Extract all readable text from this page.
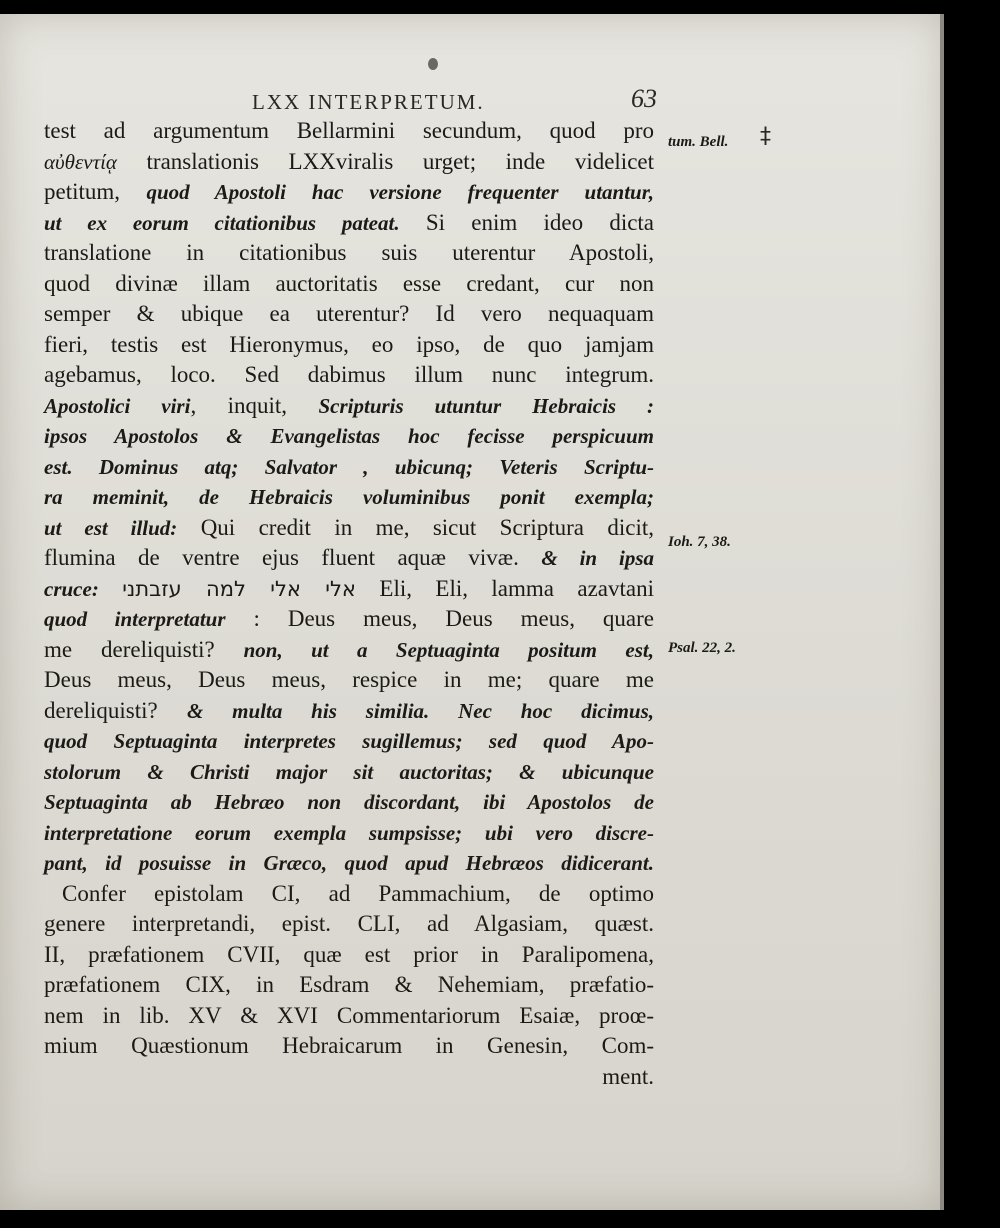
LXX INTERPRETUM.	63
tum. Bell. ‡
Ioh. 7, 38.
Psal. 22, 2.
test ad argumentum Bellarmini secundum, quod pro
αὐθεντίᾳ translationis LXXviralis urget; inde videlicet
petitum, quod Apostoli hac versione frequenter utantur,
ut ex eorum citationibus pateat. Si enim ideo dicta
translatione in citationibus suis uterentur Apostoli,
quod divinæ illam auctoritatis esse credant, cur non
semper & ubique ea uterentur? Id vero nequaquam
fieri, testis est Hieronymus, eo ipso, de quo jamjam
agebamus, loco. Sed dabimus illum nunc integrum.
Apostolici viri, inquit, Scripturis utuntur Hebraicis :
ipsos Apostolos & Evangelistas hoc fecisse perspicuum
est. Dominus atq; Salvator , ubicunq; Veteris Scriptu-
ra meminit, de Hebraicis voluminibus ponit exempla;
ut est illud: Qui credit in me, sicut Scriptura dicit,
flumina de ventre ejus fluent aquæ vivæ. & in ipsa
cruce: אלי אלי למה עזבתני Eli, Eli, lamma azavtani
quod interpretatur : Deus meus, Deus meus, quare
me dereliquisti? non, ut a Septuaginta positum est,
Deus meus, Deus meus, respice in me; quare me
dereliquisti? & multa his similia. Nec hoc dicimus,
quod Septuaginta interpretes sugillemus; sed quod Apo-
stolorum & Christi major sit auctoritas; & ubicunque
Septuaginta ab Hebræo non discordant, ibi Apostolos de
interpretatione eorum exempla sumpsisse; ubi vero discre-
pant, id posuisse in Græco, quod apud Hebræos didicerant.
Confer epistolam CI, ad Pammachium, de optimo
genere interpretandi, epist. CLI, ad Algasiam, quæst.
II, præfationem CVII, quæ est prior in Paralipomena,
præfationem CIX, in Esdram & Nehemiam, præfatio-
nem in lib. XV & XVI Commentariorum Esaiæ, proœ-
mium Quæstionum Hebraicarum in Genesin, Com-
ment.
